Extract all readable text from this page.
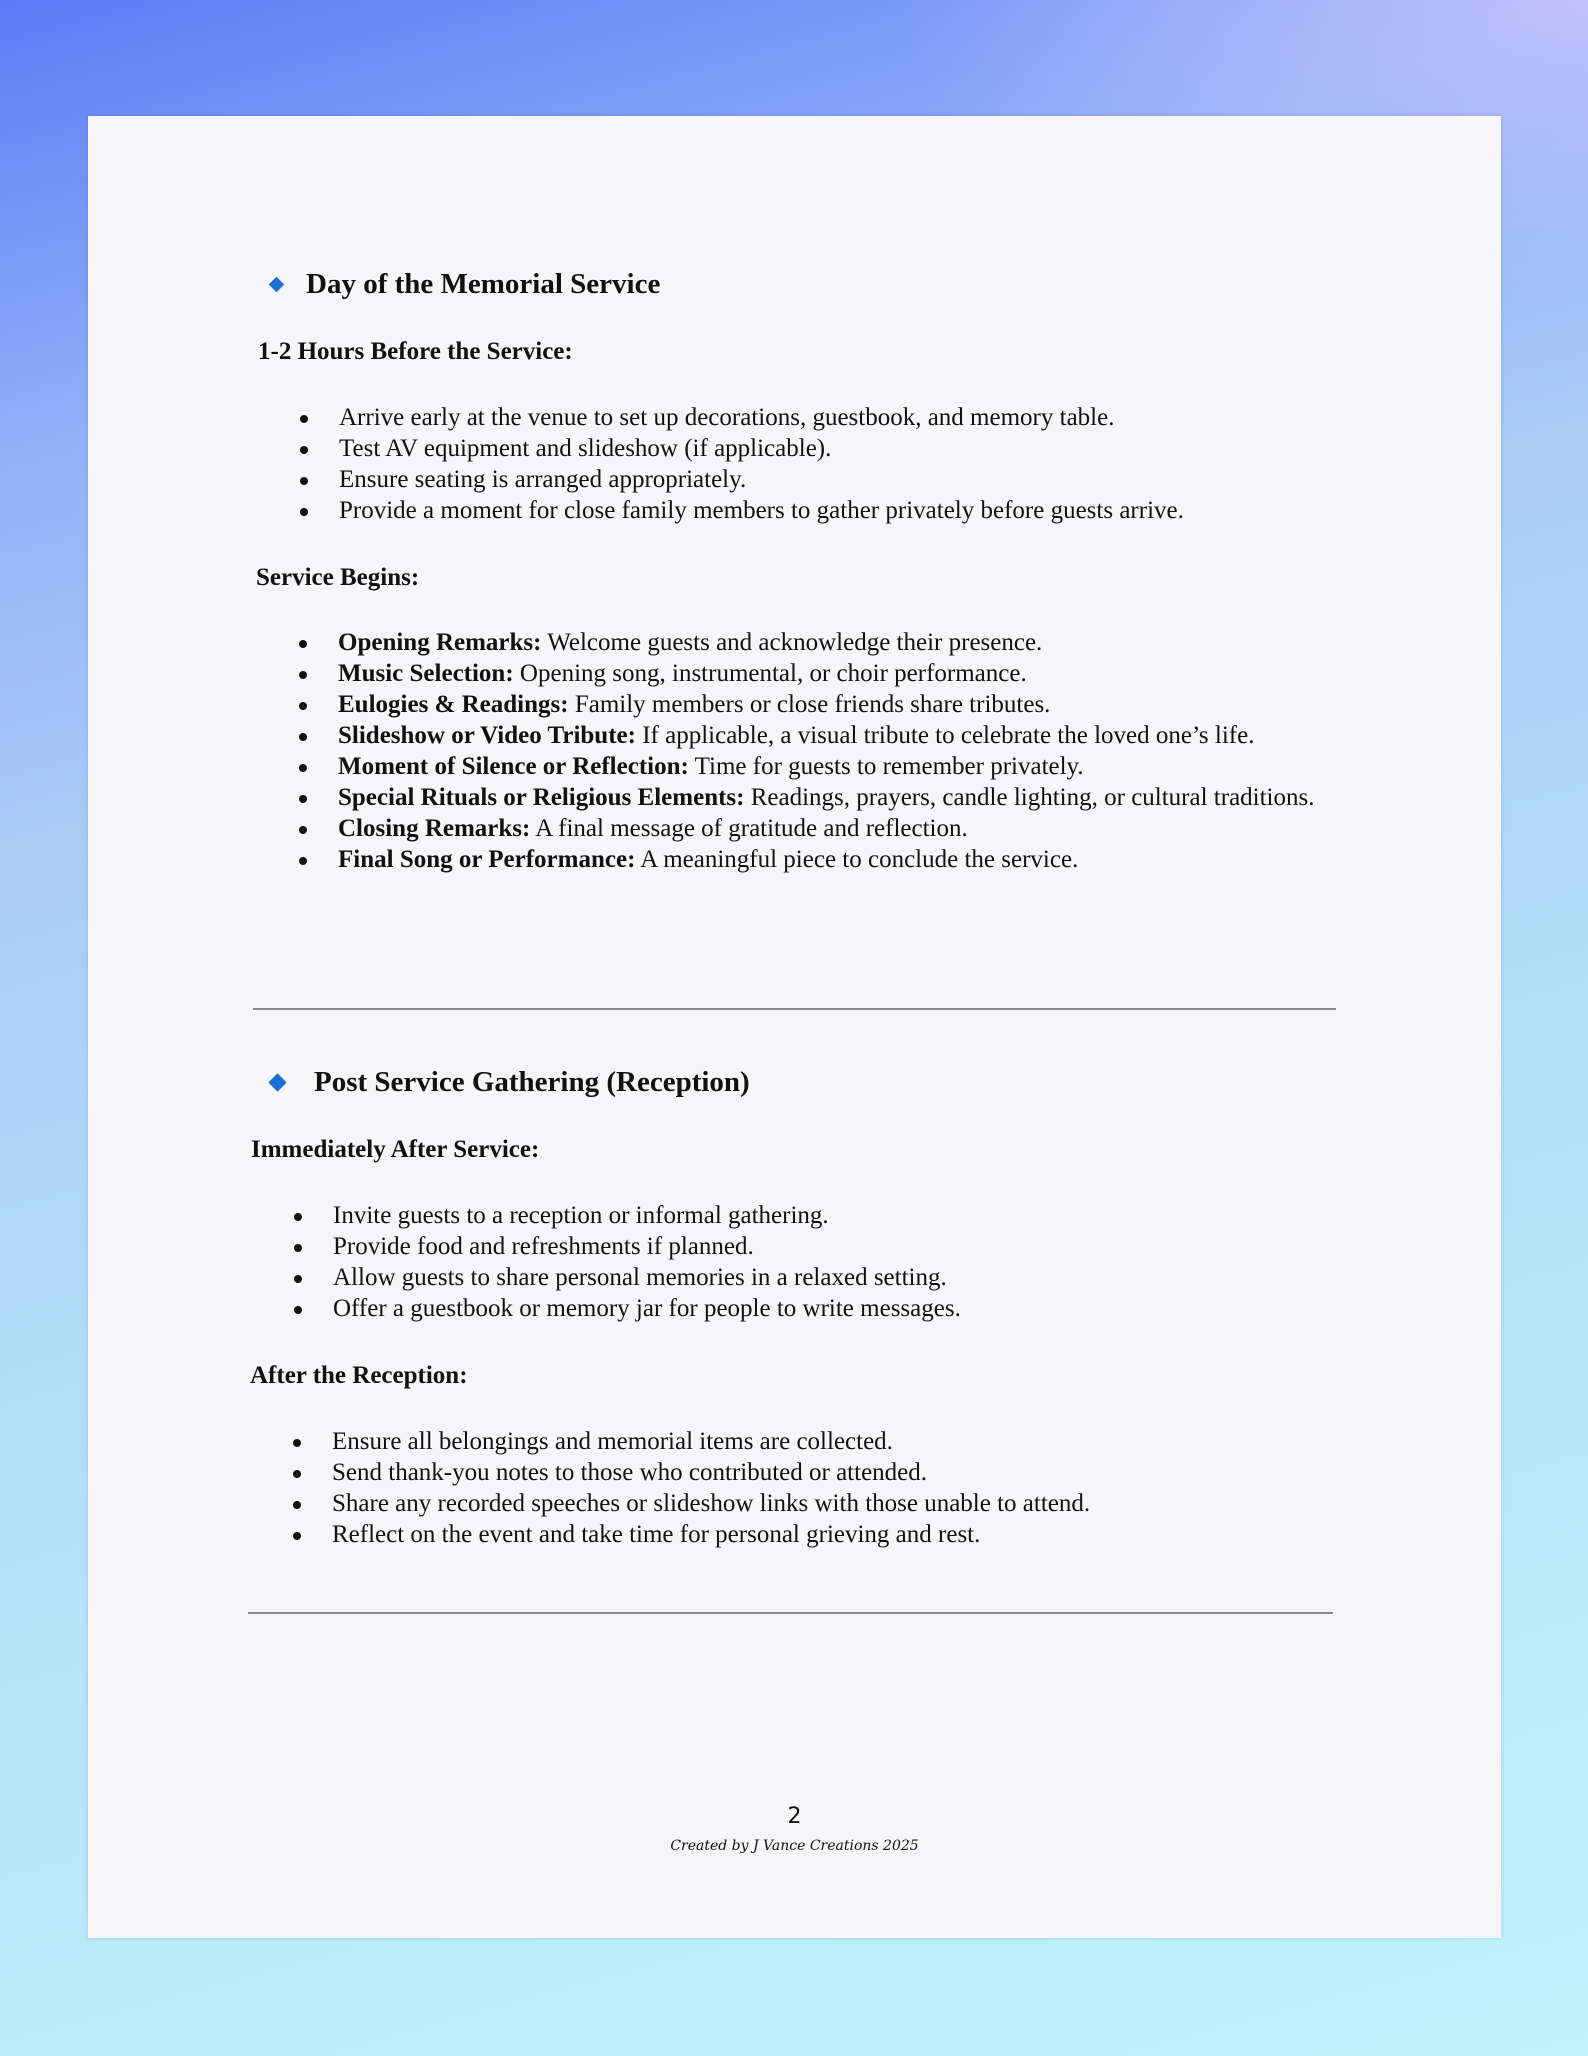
Day of the Memorial Service
1-2 Hours Before the Service:
Arrive early at the venue to set up decorations, guestbook, and memory table.
Test AV equipment and slideshow (if applicable).
Ensure seating is arranged appropriately.
Provide a moment for close family members to gather privately before guests arrive.
Service Begins:
Opening Remarks: Welcome guests and acknowledge their presence.
Music Selection: Opening song, instrumental, or choir performance.
Eulogies & Readings: Family members or close friends share tributes.
Slideshow or Video Tribute: If applicable, a visual tribute to celebrate the loved one’s life.
Moment of Silence or Reflection: Time for guests to remember privately.
Special Rituals or Religious Elements: Readings, prayers, candle lighting, or cultural traditions.
Closing Remarks: A final message of gratitude and reflection.
Final Song or Performance: A meaningful piece to conclude the service.
Post Service Gathering (Reception)
Immediately After Service:
Invite guests to a reception or informal gathering.
Provide food and refreshments if planned.
Allow guests to share personal memories in a relaxed setting.
Offer a guestbook or memory jar for people to write messages.
After the Reception:
Ensure all belongings and memorial items are collected.
Send thank-you notes to those who contributed or attended.
Share any recorded speeches or slideshow links with those unable to attend.
Reflect on the event and take time for personal grieving and rest.
2
Created by J Vance Creations 2025
